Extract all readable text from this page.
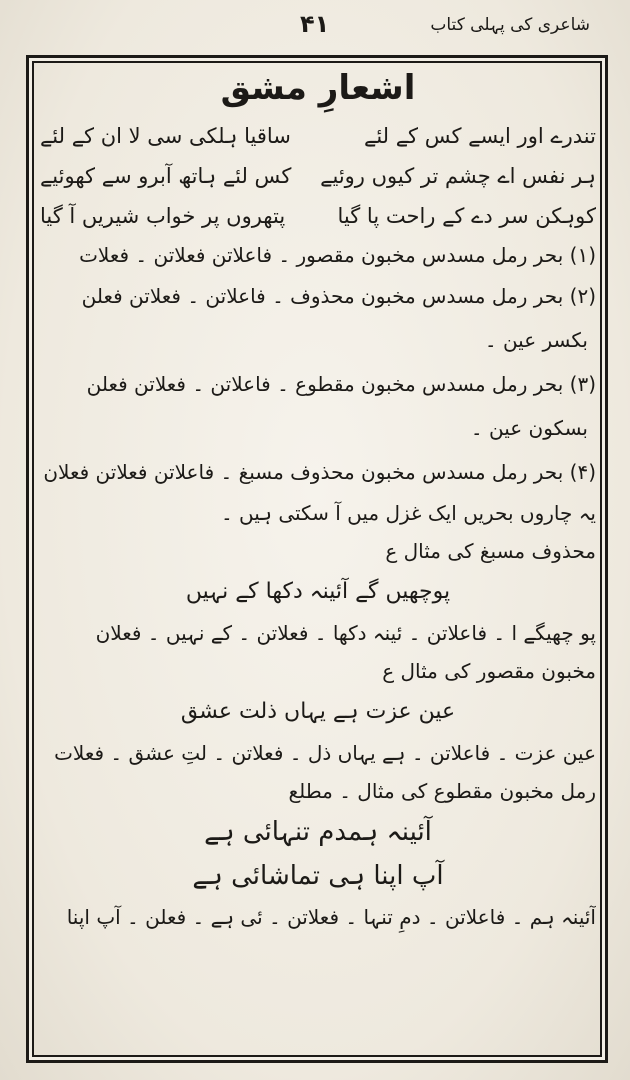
شاعری کی پہلی کتاب
۴۱
اشعارِ مشق
تندرے اور ایسے کس کے لئے
ساقیا ہلکی سی لا ان کے لئے
ہر نفس اے چشم تر کیوں روئیے
کس لئے ہاتھ آبرو سے کھوئیے
کوہکن سر دے کے راحت پا گیا
پتھروں پر خواب شیریں آ گیا
(۱) بحر رمل مسدس مخبون مقصور ۔ فاعلاتن فعلاتن ۔ فعلات
(۲) بحر رمل مسدس مخبون محذوف ۔ فاعلاتن ۔ فعلاتن فعلن
بکسر عین ۔
(۳) بحر رمل مسدس مخبون مقطوع ۔ فاعلاتن ۔ فعلاتن فعلن
بسکون عین ۔
(۴) بحر رمل مسدس مخبون محذوف مسبغ ۔ فاعلاتن فعلاتن فعلان
یہ چاروں بحریں ایک غزل میں آ سکتی ہیں ۔
محذوف مسبغ کی مثال ع
پوچھیں گے آئینہ دکھا کے نہیں
پو چھیگے ا ۔ فاعلاتن ۔ ئینہ دکھا ۔ فعلاتن ۔ کے نہیں ۔ فعلان
مخبون مقصور کی مثال ع
عین عزت ہے یہاں ذلت عشق
عین عزت ۔ فاعلاتن ۔ ہے یہاں ذل ۔ فعلاتن ۔ لتِ عشق ۔ فعلات
رمل مخبون مقطوع کی مثال ۔ مطلع
آئینہ ہمدم تنہائی ہے
آپ اپنا ہی تماشائی ہے
آئینہ ہم ۔ فاعلاتن ۔ دمِ تنہا ۔ فعلاتن ۔ ئی ہے ۔ فعلن ۔ آپ اپنا
